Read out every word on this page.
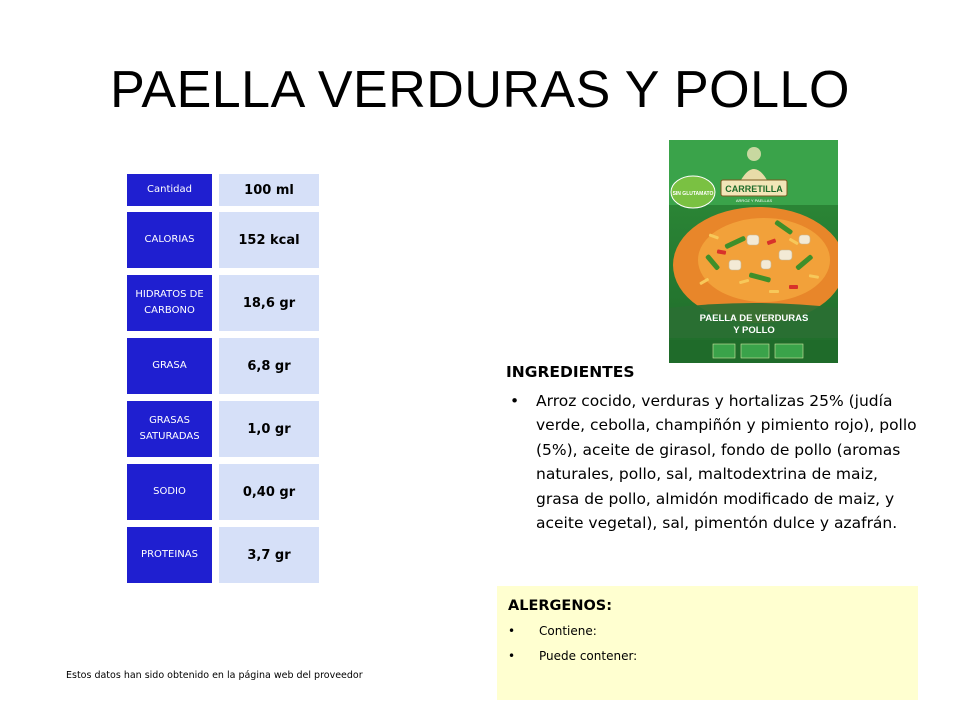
PAELLA VERDURAS Y POLLO
Cantidad	100 ml
CALORIAS	152 kcal
HIDRATOS DE CARBONO	18,6 gr
GRASA	6,8 gr
GRASAS SATURADAS	1,0 gr
SODIO	0,40 gr
PROTEINAS	3,7 gr
CARRETILLA
ARROZ Y PAELLAS
SIN GLUTAMATO
PAELLA DE VERDURAS
Y POLLO
INGREDIENTES
• Arroz cocido, verduras y hortalizas 25% (judía verde, cebolla, champiñón y pimiento rojo), pollo (5%), aceite de girasol, fondo de pollo (aromas naturales, pollo, sal, maltodextrina de maiz, grasa de pollo, almidón modificado de maiz, y aceite vegetal), sal, pimentón dulce y azafrán.
ALERGENOS:
• Contiene:
• Puede contener:
Estos datos han sido obtenido en la página web del proveedor
